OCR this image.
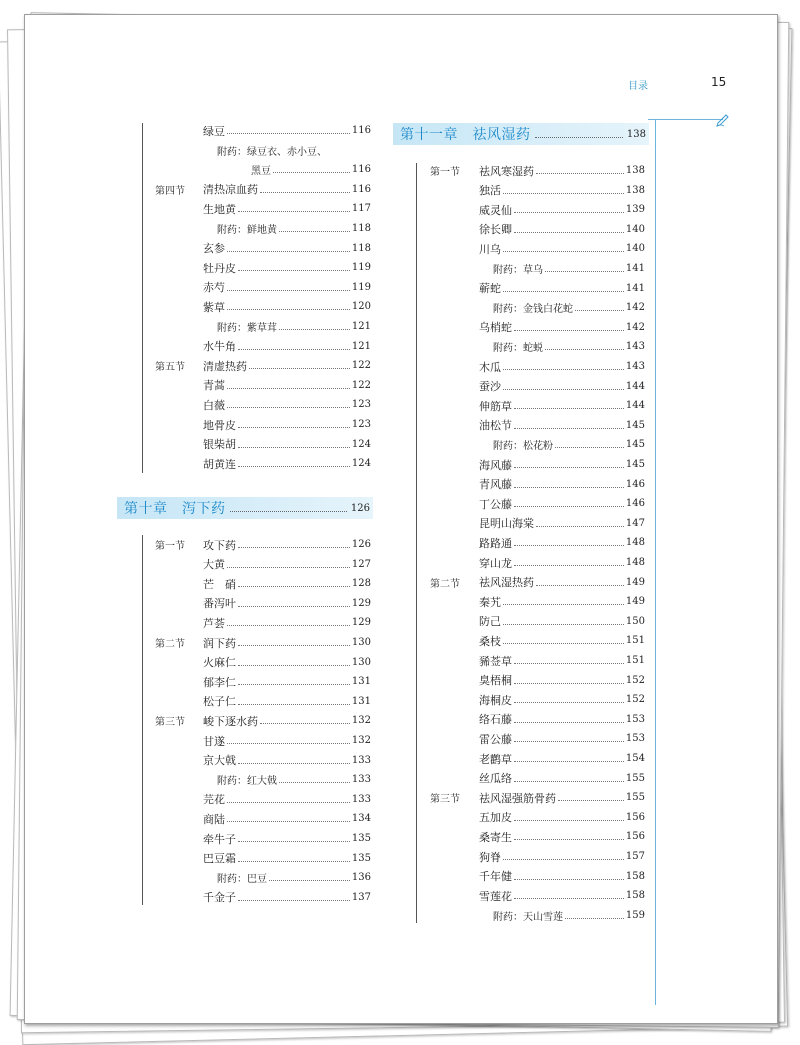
目录	15
绿豆	116
附药：绿豆衣、赤小豆、
黑豆	116
第四节 清热凉血药	116
生地黄	117
附药：鲜地黄	118
玄参	118
牡丹皮	119
赤芍	119
紫草	120
附药：紫草茸	121
水牛角	121
第五节 清虚热药	122
青蒿	122
白薇	123
地骨皮	123
银柴胡	124
胡黄连	124
第十章　泻下药	126
第一节 攻下药	126
大黄	127
芒　硝	128
番泻叶	129
芦荟	129
第二节 润下药	130
火麻仁	130
郁李仁	131
松子仁	131
第三节 峻下逐水药	132
甘遂	132
京大戟	133
附药：红大戟	133
芫花	133
商陆	134
牵牛子	135
巴豆霜	135
附药：巴豆	136
千金子	137
第十一章　祛风湿药	138
第一节 祛风寒湿药	138
独活	138
威灵仙	139
徐长卿	140
川乌	140
附药：草乌	141
蕲蛇	141
附药：金钱白花蛇	142
乌梢蛇	142
附药：蛇蜕	143
木瓜	143
蚕沙	144
伸筋草	144
油松节	145
附药：松花粉	145
海风藤	145
青风藤	146
丁公藤	146
昆明山海棠	147
路路通	148
穿山龙	148
第二节 祛风湿热药	149
秦艽	149
防己	150
桑枝	151
豨莶草	151
臭梧桐	152
海桐皮	152
络石藤	153
雷公藤	153
老鹳草	154
丝瓜络	155
第三节 祛风湿强筋骨药	155
五加皮	156
桑寄生	156
狗脊	157
千年健	158
雪莲花	158
附药：天山雪莲	159
